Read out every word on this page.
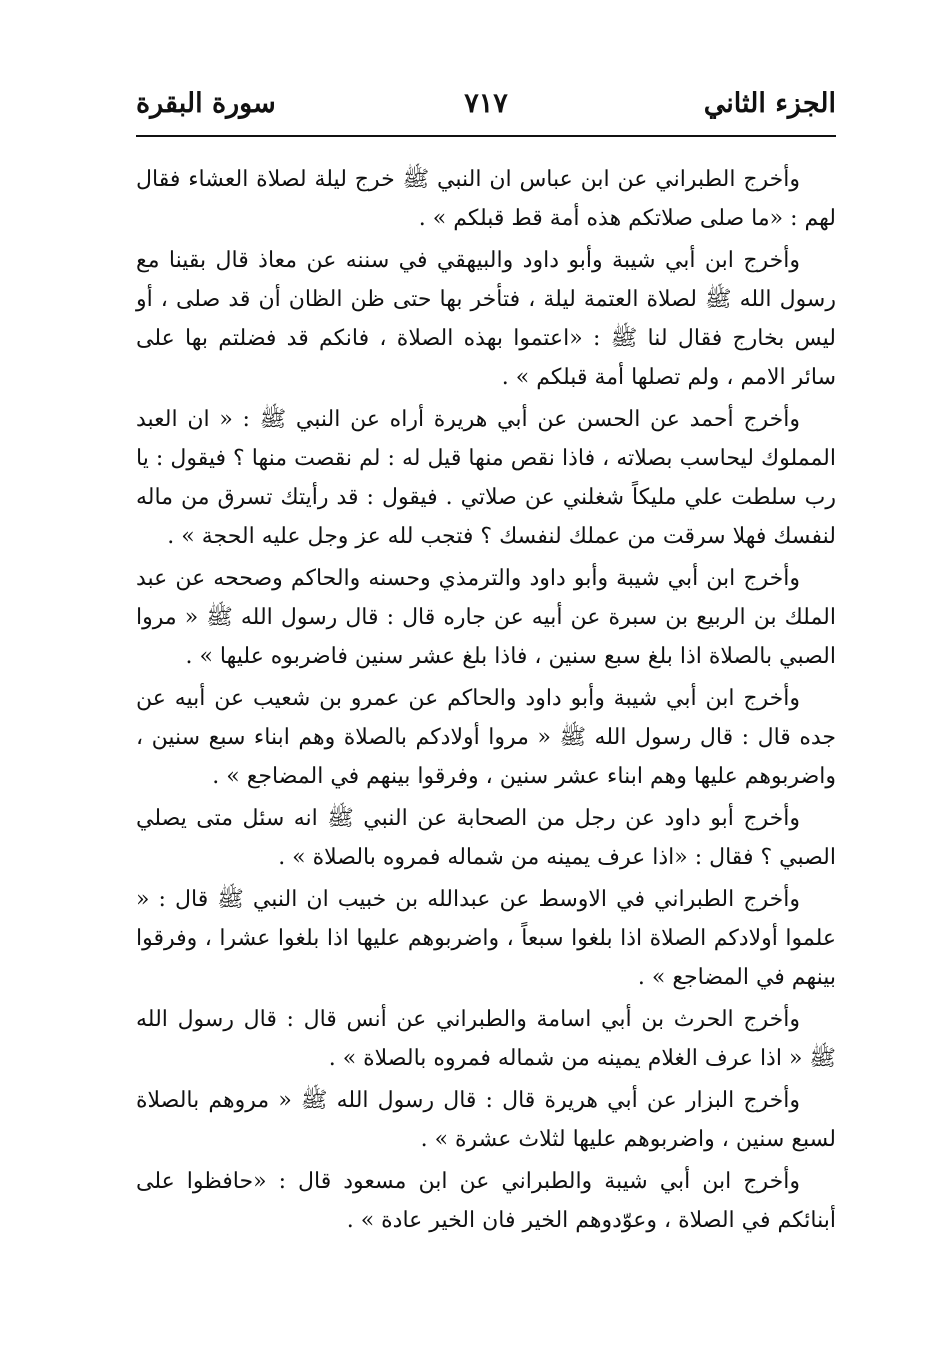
الجزء الثاني
٧١٧
سورة البقرة

وأخرج الطبراني عن ابن عباس ان النبي ﷺ خرج ليلة لصلاة العشاء فقال لهم : «ما صلى صلاتكم هذه أمة قط قبلكم » .

وأخرج ابن أبي شيبة وأبو داود والبيهقي في سننه عن معاذ قال بقينا مع رسول الله ﷺ لصلاة العتمة ليلة ، فتأخر بها حتى ظن الظان أن قد صلى ، أو ليس بخارج فقال لنا ﷺ : «اعتموا بهذه الصلاة ، فانكم قد فضلتم بها على سائر الامم ، ولم تصلها أمة قبلكم » .

وأخرج أحمد عن الحسن عن أبي هريرة أراه عن النبي ﷺ : « ان العبد المملوك ليحاسب بصلاته ، فاذا نقص منها قيل له : لم نقصت منها ؟ فيقول : يا رب سلطت علي مليكاً شغلني عن صلاتي . فيقول : قد رأيتك تسرق من ماله لنفسك فهلا سرقت من عملك لنفسك ؟ فتجب لله عز وجل عليه الحجة » .

وأخرج ابن أبي شيبة وأبو داود والترمذي وحسنه والحاكم وصححه عن عبد الملك بن الربيع بن سبرة عن أبيه عن جاره قال : قال رسول الله ﷺ « مروا الصبي بالصلاة اذا بلغ سبع سنين ، فاذا بلغ عشر سنين فاضربوه عليها » .

وأخرج ابن أبي شيبة وأبو داود والحاكم عن عمرو بن شعيب عن أبيه عن جده قال : قال رسول الله ﷺ « مروا أولادكم بالصلاة وهم ابناء سبع سنين ، واضربوهم عليها وهم ابناء عشر سنين ، وفرقوا بينهم في المضاجع » .

وأخرج أبو داود عن رجل من الصحابة عن النبي ﷺ انه سئل متى يصلي الصبي ؟ فقال : «اذا عرف يمينه من شماله فمروه بالصلاة » .

وأخرج الطبراني في الاوسط عن عبدالله بن خبيب ان النبي ﷺ قال : « علموا أولادكم الصلاة اذا بلغوا سبعاً ، واضربوهم عليها اذا بلغوا عشرا ، وفرقوا بينهم في المضاجع » .

وأخرج الحرث بن أبي اسامة والطبراني عن أنس قال : قال رسول الله ﷺ « اذا عرف الغلام يمينه من شماله فمروه بالصلاة » .

وأخرج البزار عن أبي هريرة قال : قال رسول الله ﷺ « مروهم بالصلاة لسبع سنين ، واضربوهم عليها لثلاث عشرة » .

وأخرج ابن أبي شيبة والطبراني عن ابن مسعود قال : «حافظوا على أبنائكم في الصلاة ، وعوّدوهم الخير فان الخير عادة » .
